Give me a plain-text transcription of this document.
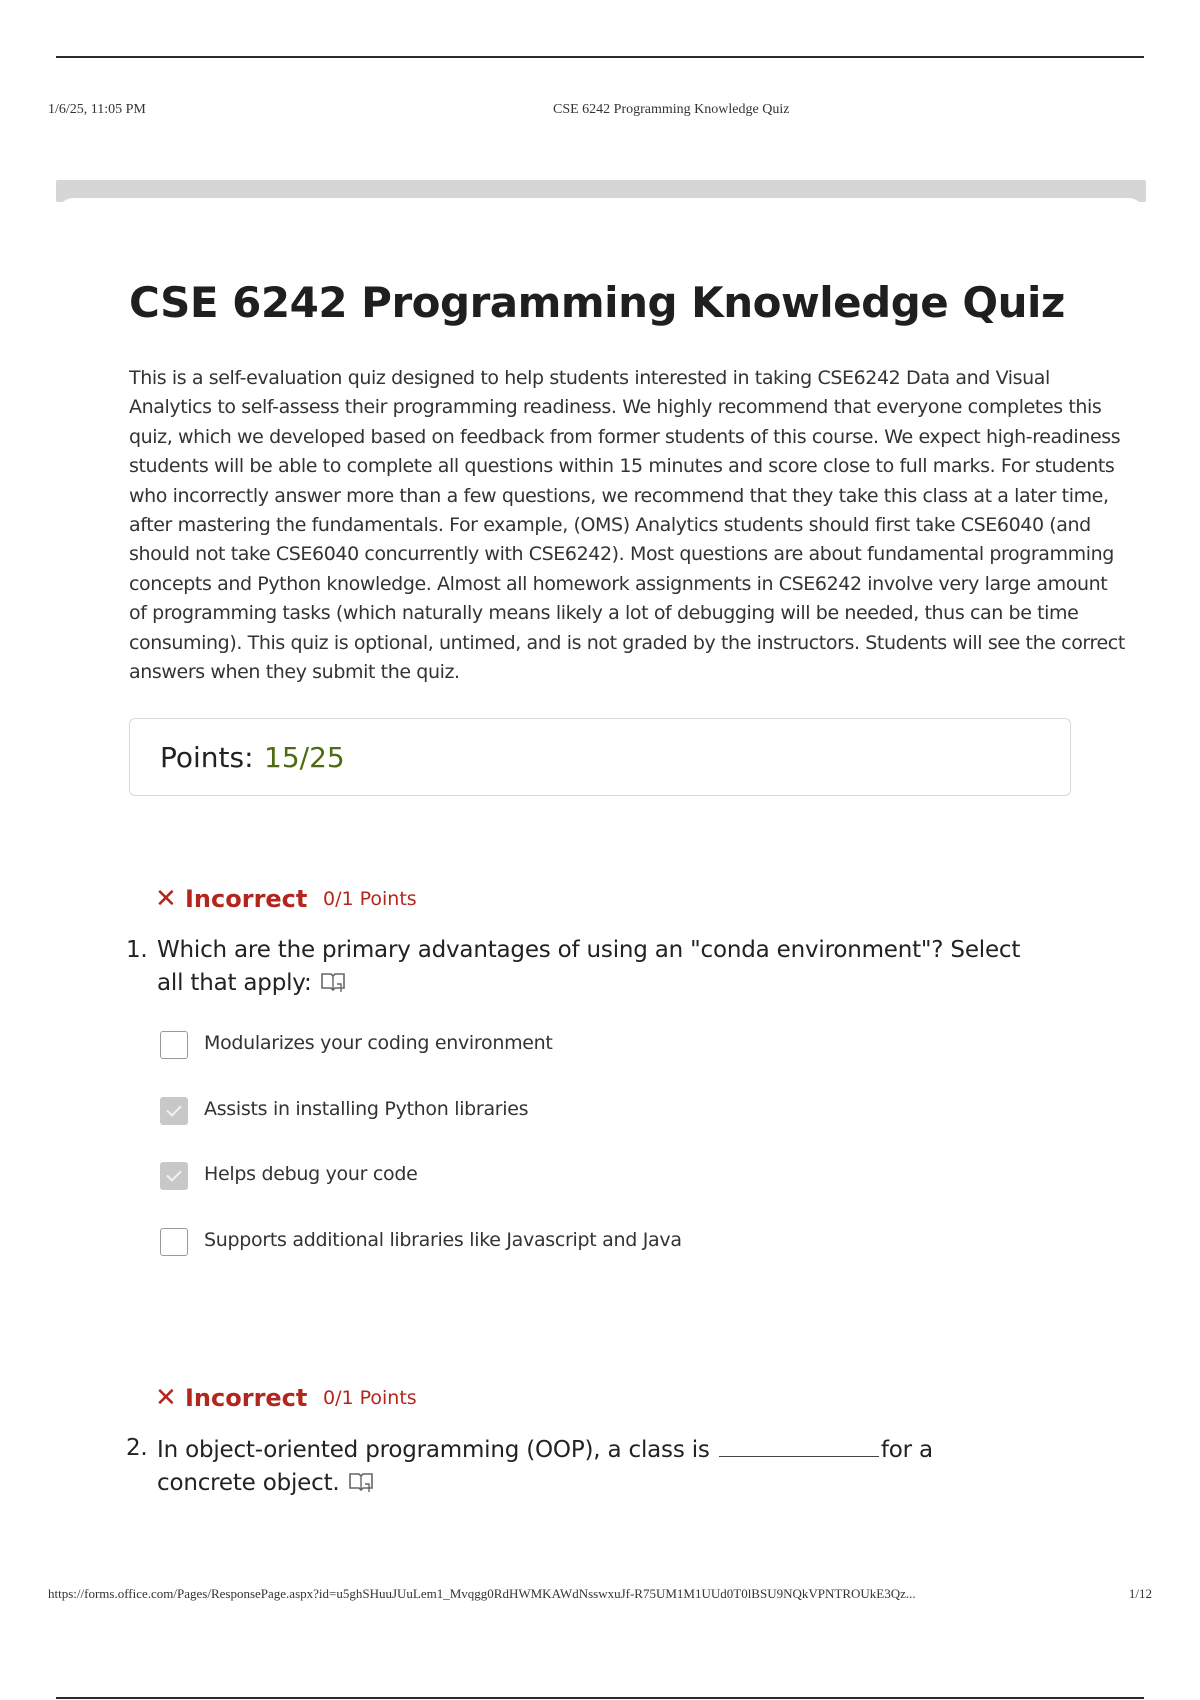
1/6/25, 11:05 PM	CSE 6242 Programming Knowledge Quiz
CSE 6242 Programming Knowledge Quiz

This is a self-evaluation quiz designed to help students interested in taking CSE6242 Data and Visual Analytics to self-assess their programming readiness. We highly recommend that everyone completes this quiz, which we developed based on feedback from former students of this course. We expect high-readiness students will be able to complete all questions within 15 minutes and score close to full marks. For students who incorrectly answer more than a few questions, we recommend that they take this class at a later time, after mastering the fundamentals. For example, (OMS) Analytics students should first take CSE6040 (and should not take CSE6040 concurrently with CSE6242). Most questions are about fundamental programming concepts and Python knowledge. Almost all homework assignments in CSE6242 involve very large amount of programming tasks (which naturally means likely a lot of debugging will be needed, thus can be time consuming). This quiz is optional, untimed, and is not graded by the instructors. Students will see the correct answers when they submit the quiz.

Points: 15/25
✕ Incorrect 0/1 Points
1. Which are the primary advantages of using an "conda environment"? Select all that apply:
Modularizes your coding environment
Assists in installing Python libraries
Helps debug your code
Supports additional libraries like Javascript and Java
✕ Incorrect 0/1 Points
2. In object-oriented programming (OOP), a class is	for a concrete object.
https://forms.office.com/Pages/ResponsePage.aspx?id=u5ghSHuuJUuLem1_Mvqgg0RdHWMKAWdNsswxuJf-R75UM1M1UUd0T0lBSU9NQkVPNTROUkE3Qz...	1/12
